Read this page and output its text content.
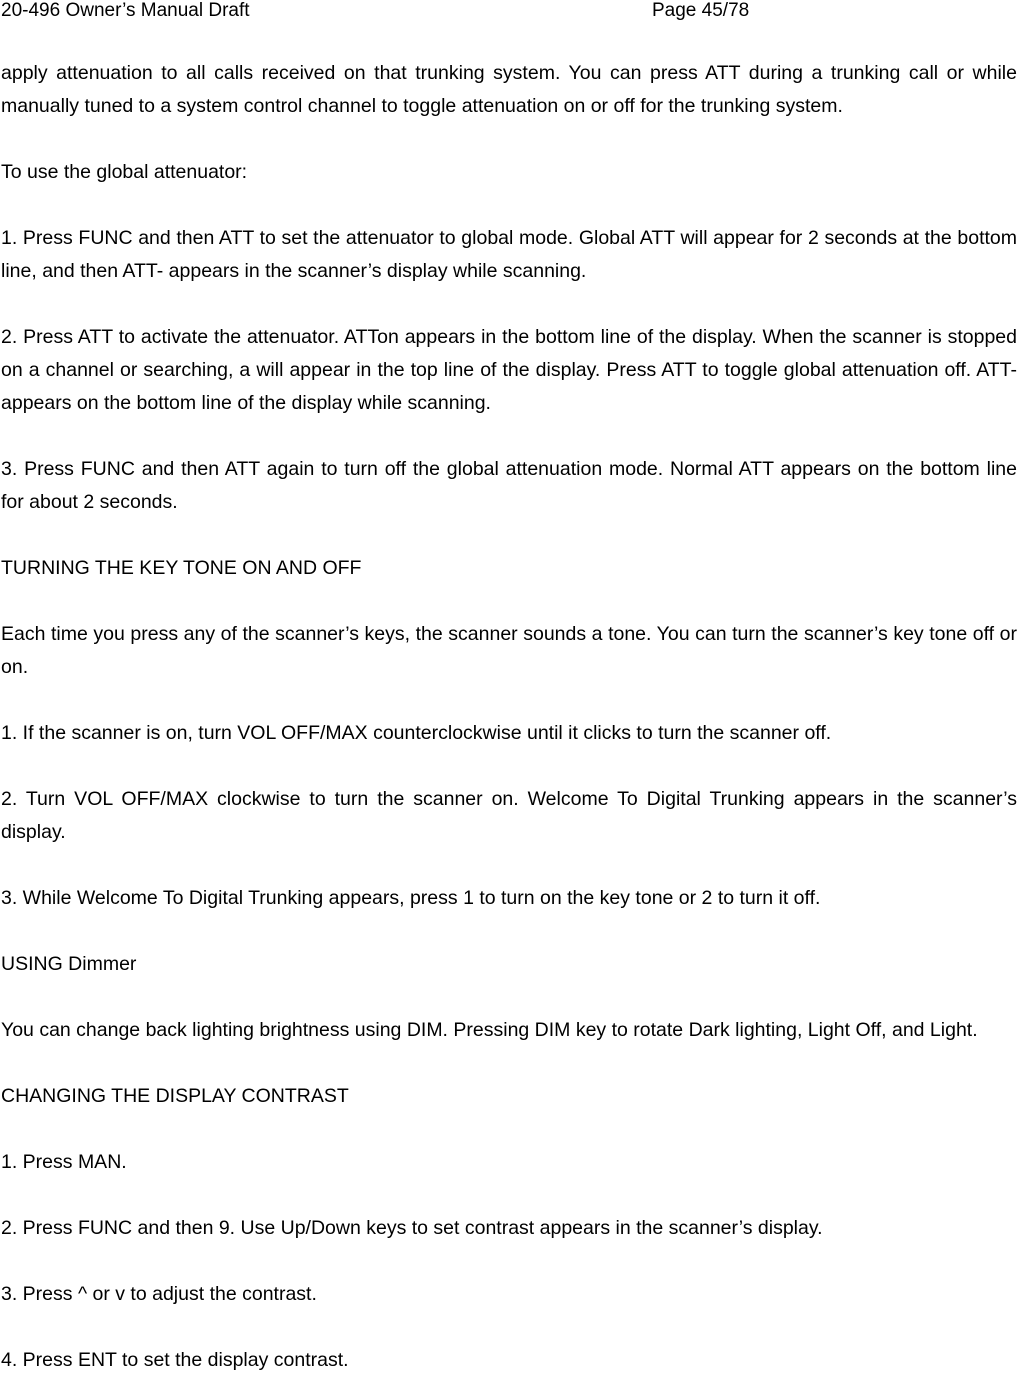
20-496 Owner’s Manual Draft	Page 45/78

apply attenuation to all calls received on that trunking system. You can press ATT during a trunking call or while manually tuned to a system control channel to toggle attenuation on or off for the trunking system.

To use the global attenuator:

1. Press FUNC and then ATT to set the attenuator to global mode. Global ATT will appear for 2 seconds at the bottom line, and then ATT- appears in the scanner’s display while scanning.

2. Press ATT to activate the attenuator. ATTon appears in the bottom line of the display. When the scanner is stopped on a channel or searching, a will appear in the top line of the display. Press ATT to toggle global attenuation off. ATT- appears on the bottom line of the display while scanning.

3. Press FUNC and then ATT again to turn off the global attenuation mode. Normal ATT appears on the bottom line for about 2 seconds.

TURNING THE KEY TONE ON AND OFF

Each time you press any of the scanner’s keys, the scanner sounds a tone. You can turn the scanner’s key tone off or on.

1. If the scanner is on, turn VOL OFF/MAX counterclockwise until it clicks to turn the scanner off.

2. Turn VOL OFF/MAX clockwise to turn the scanner on. Welcome To Digital Trunking appears in the scanner’s display.

3. While Welcome To Digital Trunking appears, press 1 to turn on the key tone or 2 to turn it off.

USING Dimmer

You can change back lighting brightness using DIM. Pressing DIM key to rotate Dark lighting, Light Off, and Light.

CHANGING THE DISPLAY CONTRAST

1. Press MAN.

2. Press FUNC and then 9. Use Up/Down keys to set contrast appears in the scanner’s display.

3. Press ^ or v to adjust the contrast.

4. Press ENT to set the display contrast.
